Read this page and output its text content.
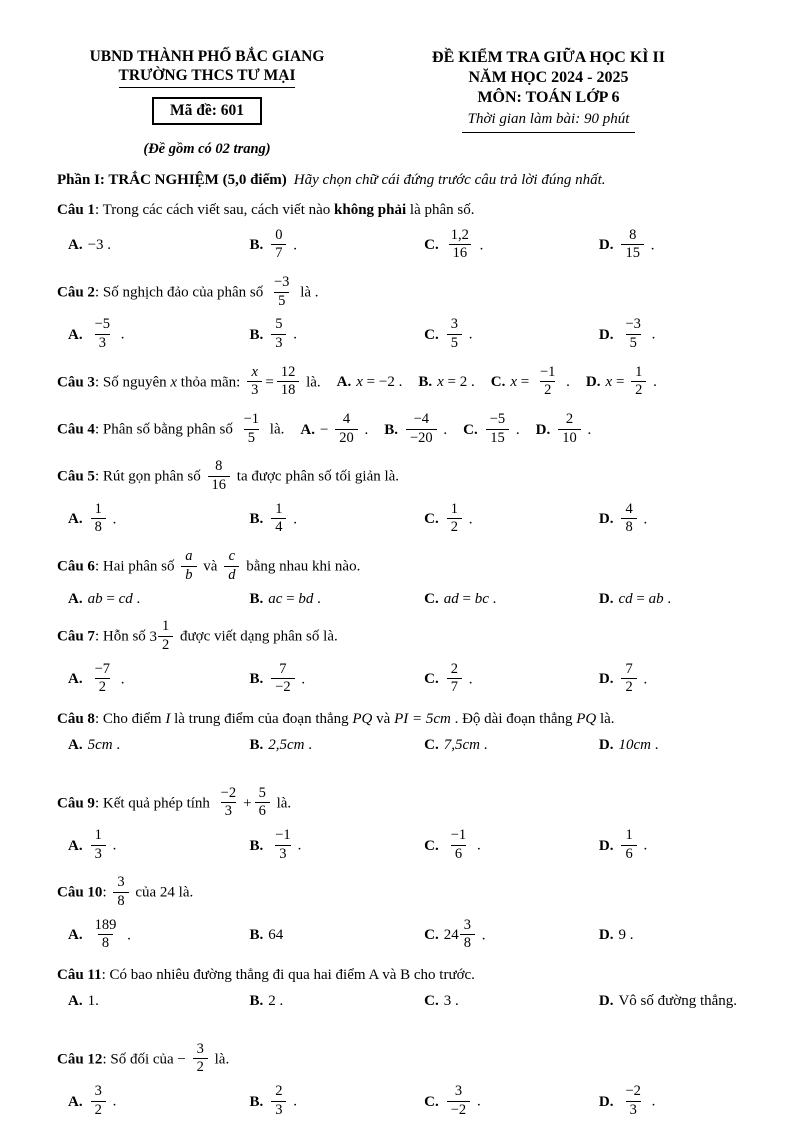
UBND THÀNH PHỐ BẮC GIANG
TRƯỜNG THCS TƯ MẠI
Mã đề: 601
(Đề gồm có 02 trang)
ĐỀ KIỂM TRA GIỮA HỌC KÌ II
NĂM HỌC 2024 - 2025
MÔN: TOÁN LỚP 6
Thời gian làm bài: 90 phút
Phần I: TRẮC NGHIỆM (5,0 điểm) Hãy chọn chữ cái đứng trước câu trả lời đúng nhất.
Câu 1: Trong các cách viết sau, cách viết nào không phải là phân số.
A. −3 .	B. $\frac{0}{7}$ .	C. $\frac{1,2}{16}$ .	D. $\frac{8}{15}$ .
Câu 2: Số nghịch đảo của phân số $\frac{-3}{5}$ là .
A. $\frac{-5}{3}$ .	B. $\frac{5}{3}$ .	C. $\frac{3}{5}$ .	D. $\frac{-3}{5}$ .
Câu 3: Số nguyên x thỏa mãn: $\frac{x}{3} = \frac{12}{18}$ là. A. x = −2 . B. x = 2 . C. $x = \frac{-1}{2}$ . D. $x = \frac{1}{2}$ .
Câu 4: Phân số bằng phân số $\frac{-1}{5}$ là. A. − $\frac{4}{20}$ . B. $\frac{-4}{-20}$ . C. $\frac{-5}{15}$ . D. $\frac{2}{10}$ .
Câu 5: Rút gọn phân số $\frac{8}{16}$ ta được phân số tối giản là.
A. $\frac{1}{8}$ .	B. $\frac{1}{4}$ .	C. $\frac{1}{2}$ .	D. $\frac{4}{8}$ .
Câu 6: Hai phân số $\frac{a}{b}$ và $\frac{c}{d}$ bằng nhau khi nào.
A. ab = cd .	B. ac = bd .	C. ad = bc .	D. cd = ab .
Câu 7: Hỗn số $3 \frac{1}{2}$ được viết dạng phân số là.
A. $\frac{-7}{2}$ .	B. $\frac{7}{-2}$ .	C. $\frac{2}{7}$ .	D. $\frac{7}{2}$ .
Câu 8: Cho điểm I là trung điểm của đoạn thẳng PQ và PI = 5cm . Độ dài đoạn thẳng PQ là.
A. 5cm .	B. 2,5cm .	C. 7,5cm .	D. 10cm .
Câu 9: Kết quả phép tính $\frac{-2}{3} + \frac{5}{6}$ là.
A. $\frac{1}{3}$ .	B. $\frac{-1}{3}$ .	C. $\frac{-1}{6}$ .	D. $\frac{1}{6}$ .
Câu 10: $\frac{3}{8}$ của 24 là.
A. $\frac{189}{8}$ .	B. 64	C. $24 \frac{3}{8}$ .	D. 9 .
Câu 11: Có bao nhiêu đường thẳng đi qua hai điểm A và B cho trước.
A. 1.	B. 2 .	C. 3 .	D. Vô số đường thẳng.
Câu 12: Số đối của − $\frac{3}{2}$ là.
A. $\frac{3}{2}$ .	B. $\frac{2}{3}$ .	C. $\frac{3}{-2}$ .	D. $\frac{-2}{3}$ .
